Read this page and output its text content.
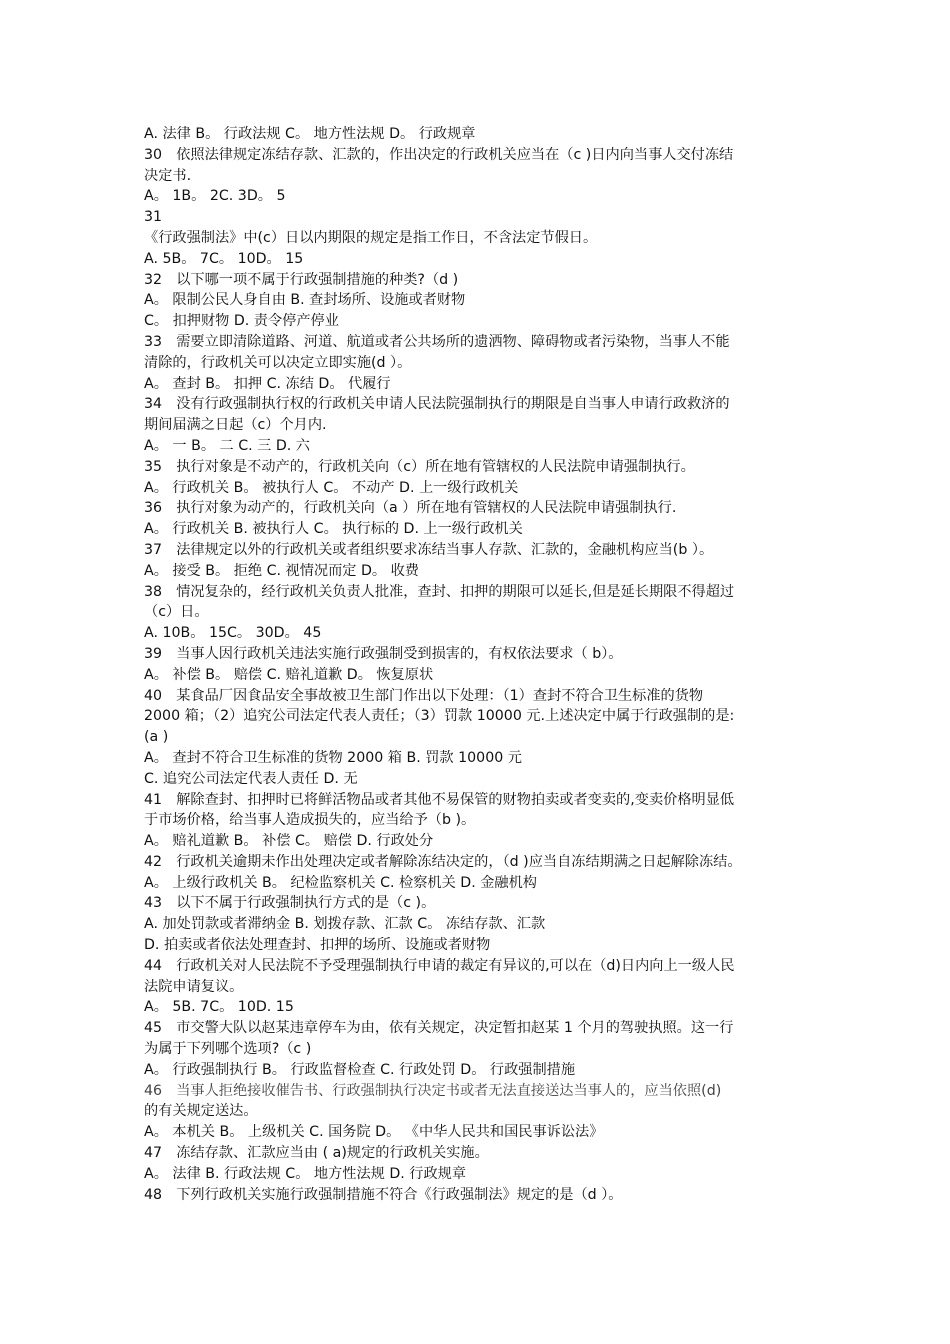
A. 法律 B。 行政法规 C。 地方性法规 D。 行政规章
30　依照法律规定冻结存款、汇款的，作出决定的行政机关应当在（c )日内向当事人交付冻结
决定书.
A。 1B。 2C. 3D。 5
31
《行政强制法》中(c）日以内期限的规定是指工作日，不含法定节假日。
A. 5B。 7C。 10D。 15
32　以下哪一项不属于行政强制措施的种类?（d )
A。 限制公民人身自由 B. 查封场所、设施或者财物
C。 扣押财物 D. 责令停产停业
33　需要立即清除道路、河道、航道或者公共场所的遗洒物、障碍物或者污染物，当事人不能
清除的，行政机关可以决定立即实施(d ）。
A。 查封 B。 扣押 C. 冻结 D。 代履行
34　没有行政强制执行权的行政机关申请人民法院强制执行的期限是自当事人申请行政救济的
期间届满之日起（c）个月内.
A。 一 B。 二 C. 三 D. 六
35　执行对象是不动产的，行政机关向（c）所在地有管辖权的人民法院申请强制执行。
A。 行政机关 B。 被执行人 C。 不动产 D. 上一级行政机关
36　执行对象为动产的，行政机关向（a ）所在地有管辖权的人民法院申请强制执行.
A。 行政机关 B. 被执行人 C。 执行标的 D. 上一级行政机关
37　法律规定以外的行政机关或者组织要求冻结当事人存款、汇款的，金融机构应当(b ）。
A。 接受 B。 拒绝 C. 视情况而定 D。 收费
38　情况复杂的，经行政机关负责人批准，查封、扣押的期限可以延长,但是延长期限不得超过
（c）日。
A. 10B。 15C。 30D。 45
39　当事人因行政机关违法实施行政强制受到损害的，有权依法要求（ b）。
A。 补偿 B。 赔偿 C. 赔礼道歉 D。 恢复原状
40　某食品厂因食品安全事故被卫生部门作出以下处理：（1）查封不符合卫生标准的货物
2000 箱；（2）追究公司法定代表人责任；（3）罚款 10000 元.上述决定中属于行政强制的是:
(a )
A。 查封不符合卫生标准的货物 2000 箱 B. 罚款 10000 元
C. 追究公司法定代表人责任 D. 无
41　解除查封、扣押时已将鲜活物品或者其他不易保管的财物拍卖或者变卖的,变卖价格明显低
于市场价格，给当事人造成损失的，应当给予（b )。
A。 赔礼道歉 B。 补偿 C。 赔偿 D. 行政处分
42　行政机关逾期未作出处理决定或者解除冻结决定的，（d )应当自冻结期满之日起解除冻结。
A。 上级行政机关 B。 纪检监察机关 C. 检察机关 D. 金融机构
43　以下不属于行政强制执行方式的是（c )。
A. 加处罚款或者滞纳金 B. 划拨存款、汇款 C。 冻结存款、汇款
D. 拍卖或者依法处理查封、扣押的场所、设施或者财物
44　行政机关对人民法院不予受理强制执行申请的裁定有异议的,可以在（d)日内向上一级人民
法院申请复议。
A。 5B. 7C。 10D. 15
45　市交警大队以赵某违章停车为由，依有关规定，决定暂扣赵某 1 个月的驾驶执照。这一行
为属于下列哪个选项?（c )
A。 行政强制执行 B。 行政监督检查 C. 行政处罚 D。 行政强制措施
46　当事人拒绝接收催告书、行政强制执行决定书或者无法直接送达当事人的，应当依照(d)
的有关规定送达。
A。 本机关 B。 上级机关 C. 国务院 D。 《中华人民共和国民事诉讼法》
47　冻结存款、汇款应当由 ( a)规定的行政机关实施。
A。 法律 B. 行政法规 C。 地方性法规 D. 行政规章
48　下列行政机关实施行政强制措施不符合《行政强制法》规定的是（d ）。
